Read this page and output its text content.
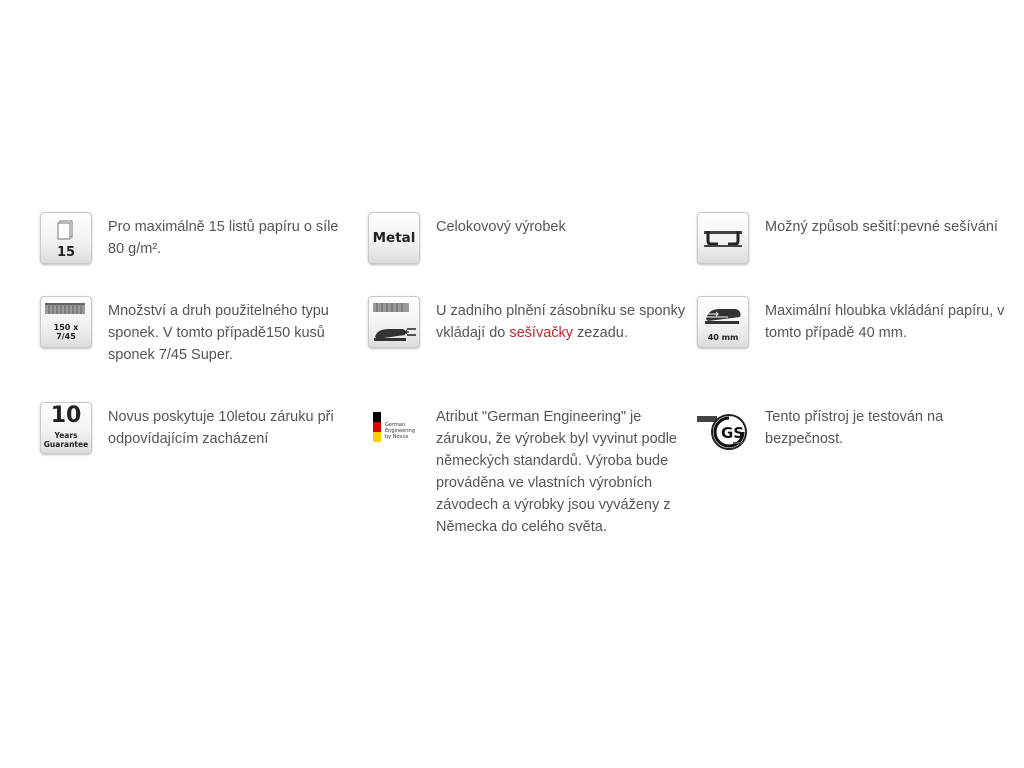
15
Pro maximálně 15 listů papíru o síle 80 g/m².
Metal
Celokovový výrobek	Možný způsob sešití:pevné sešívání
150 x
7/45
Množství a druh použitelného typu sponek. V tomto případě150 kusů sponek 7/45 Super.
U zadního plnění zásobníku se sponky vkládají do sešívačky zezadu.	40 mm
Maximální hloubka vkládání papíru, v tomto případě 40 mm.
10
Years
Guarantee
Novus poskytuje 10letou záruku při odpovídajícím zacházení
German
Engineering
by Novus
Atribut "German Engineering" je zárukou, že výrobek byl vyvinut podle německých standardů. Výroba bude prováděna ve vlastních výrobních závodech a výrobky jsou vyváženy z Německa do celého světa.
GS
Tento přístroj je testován na bezpečnost.
